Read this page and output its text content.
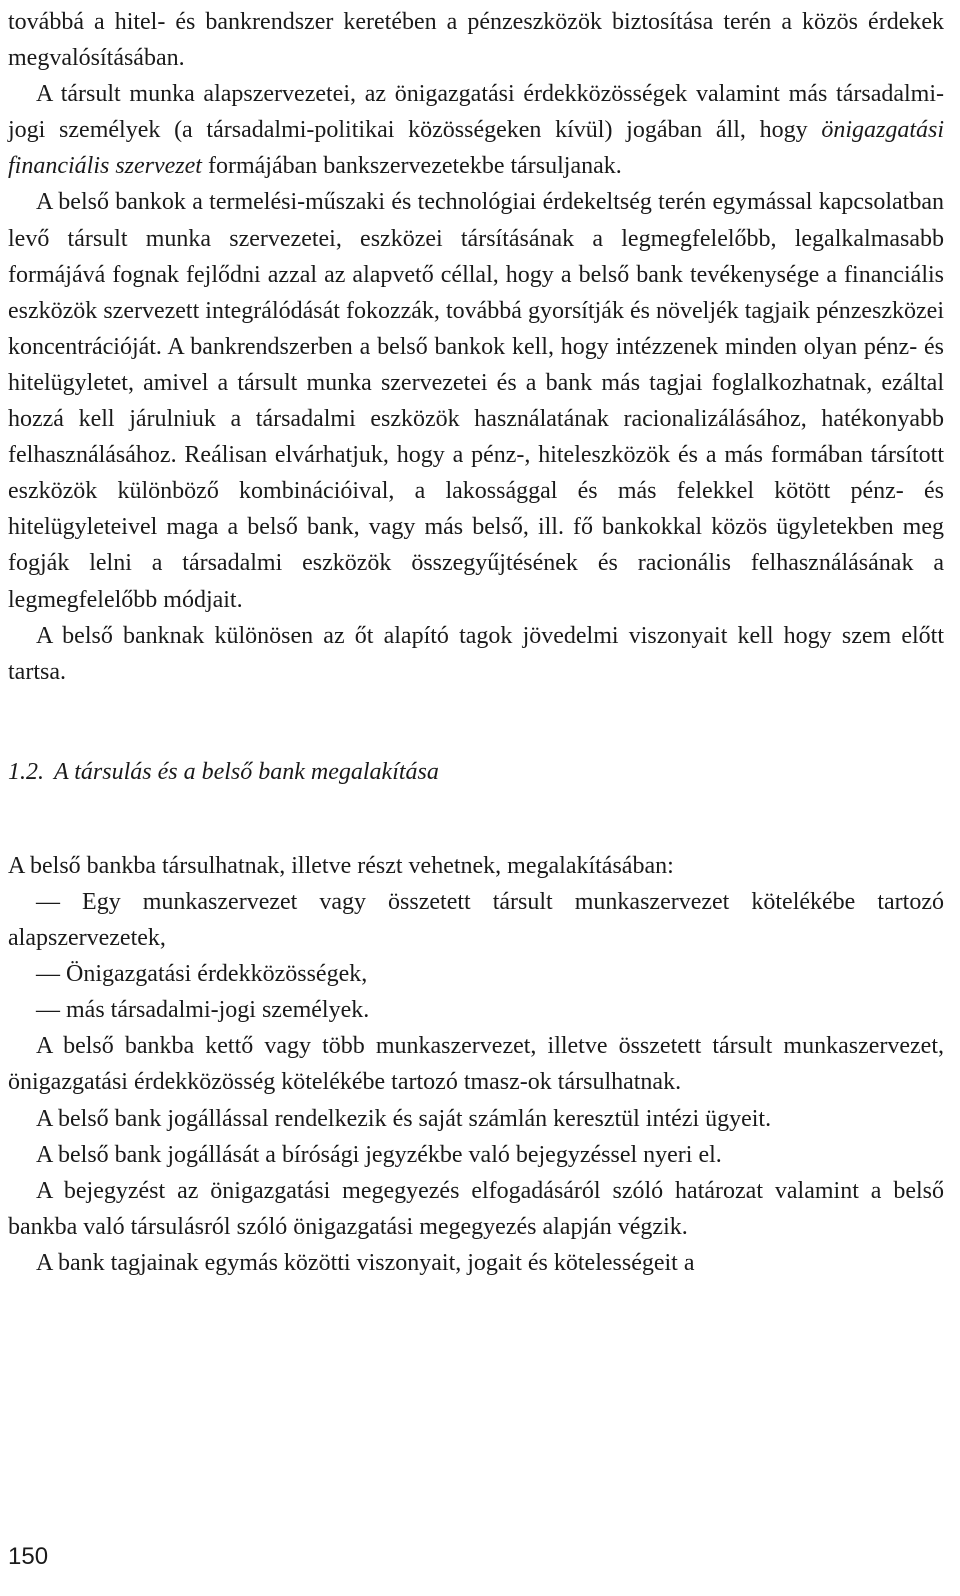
továbbá a hitel- és bankrendszer keretében a pénzeszközök biztosítása terén a közös érdekek megvalósításában.

A társult munka alapszervezetei, az önigazgatási érdekközösségek valamint más társadalmi-jogi személyek (a társadalmi-politikai közösségeken kívül) jogában áll, hogy önigazgatási financiális szervezet formájában bankszervezetekbe társuljanak.

A belső bankok a termelési-műszaki és technológiai érdekeltség terén egymással kapcsolatban levő társult munka szervezetei, eszközei társításának a legmegfelelőbb, legalkalmasabb formájává fognak fejlődni azzal az alapvető céllal, hogy a belső bank tevékenysége a financiális eszközök szervezett integrálódását fokozzák, továbbá gyorsítják és növeljék tagjaik pénzeszközei koncentrációját. A bankrendszerben a belső bankok kell, hogy intézzenek minden olyan pénz- és hitelügyletet, amivel a társult munka szervezetei és a bank más tagjai foglalkozhatnak, ezáltal hozzá kell járulniuk a társadalmi eszközök használatának racionalizálásához, hatékonyabb felhasználásához. Reálisan elvárhatjuk, hogy a pénz-, hiteleszközök és a más formában társított eszközök különböző kombinációival, a lakossággal és más felekkel kötött pénz- és hitelügyleteivel maga a belső bank, vagy más belső, ill. fő bankokkal közös ügyletekben meg fogják lelni a társadalmi eszközök összegyűjtésének és racionális felhasználásának a legmegfelelőbb módjait.

A belső banknak különösen az őt alapító tagok jövedelmi viszonyait kell hogy szem előtt tartsa.

1.2. A társulás és a belső bank megalakítása

A belső bankba társulhatnak, illetve részt vehetnek, megalakításában:

— Egy munkaszervezet vagy összetett társult munkaszervezet kötelékébe tartozó alapszervezetek,

— Önigazgatási érdekközösségek,

— más társadalmi-jogi személyek.

A belső bankba kettő vagy több munkaszervezet, illetve összetett társult munkaszervezet, önigazgatási érdekközösség kötelékébe tartozó tmasz-ok társulhatnak.

A belső bank jogállással rendelkezik és saját számlán keresztül intézi ügyeit.

A belső bank jogállását a bírósági jegyzékbe való bejegyzéssel nyeri el.

A bejegyzést az önigazgatási megegyezés elfogadásáról szóló határozat valamint a belső bankba való társulásról szóló önigazgatási megegyezés alapján végzik.

A bank tagjainak egymás közötti viszonyait, jogait és kötelességeit a

150
